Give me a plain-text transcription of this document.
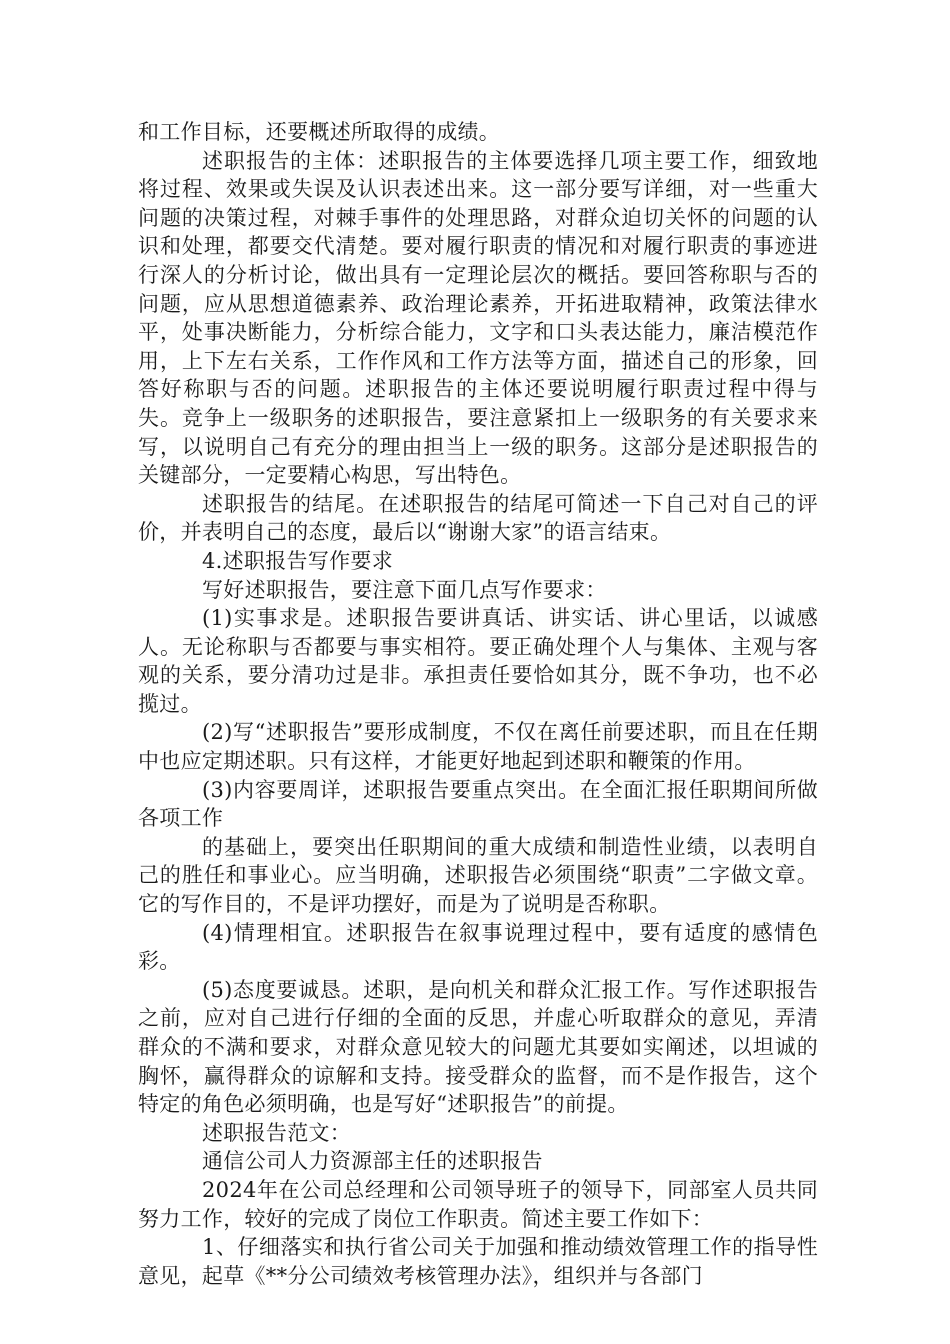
和工作目标，还要概述所取得的成绩。

述职报告的主体：述职报告的主体要选择几项主要工作，细致地将过程、效果或失误及认识表述出来。这一部分要写详细，对一些重大问题的决策过程，对棘手事件的处理思路，对群众迫切关怀的问题的认识和处理，都要交代清楚。要对履行职责的情况和对履行职责的事迹进行深人的分析讨论，做出具有一定理论层次的概括。要回答称职与否的问题，应从思想道德素养、政治理论素养，开拓进取精神，政策法律水平，处事决断能力，分析综合能力，文字和口头表达能力，廉洁模范作用，上下左右关系，工作作风和工作方法等方面，描述自己的形象，回答好称职与否的问题。述职报告的主体还要说明履行职责过程中得与失。竞争上一级职务的述职报告，要注意紧扣上一级职务的有关要求来写，以说明自己有充分的理由担当上一级的职务。这部分是述职报告的关键部分，一定要精心构思，写出特色。

述职报告的结尾。在述职报告的结尾可简述一下自己对自己的评价，并表明自己的态度，最后以“谢谢大家”的语言结束。

4.述职报告写作要求

写好述职报告，要注意下面几点写作要求：

(1)实事求是。述职报告要讲真话、讲实话、讲心里话，以诚感人。无论称职与否都要与事实相符。要正确处理个人与集体、主观与客观的关系，要分清功过是非。承担责任要恰如其分，既不争功，也不必揽过。

(2)写“述职报告”要形成制度，不仅在离任前要述职，而且在任期中也应定期述职。只有这样，才能更好地起到述职和鞭策的作用。

(3)内容要周详，述职报告要重点突出。在全面汇报任职期间所做各项工作

的基础上，要突出任职期间的重大成绩和制造性业绩，以表明自己的胜任和事业心。应当明确，述职报告必须围绕“职责”二字做文章。它的写作目的，不是评功摆好，而是为了说明是否称职。

(4)情理相宜。述职报告在叙事说理过程中，要有适度的感情色彩。

(5)态度要诚恳。述职，是向机关和群众汇报工作。写作述职报告之前，应对自己进行仔细的全面的反思，并虚心听取群众的意见，弄清群众的不满和要求，对群众意见较大的问题尤其要如实阐述，以坦诚的胸怀，赢得群众的谅解和支持。接受群众的监督，而不是作报告，这个特定的角色必须明确，也是写好“述职报告”的前提。

述职报告范文：

通信公司人力资源部主任的述职报告

2024年在公司总经理和公司领导班子的领导下，同部室人员共同努力工作，较好的完成了岗位工作职责。简述主要工作如下：

1、仔细落实和执行省公司关于加强和推动绩效管理工作的指导性意见，起草《**分公司绩效考核管理办法》，组织并与各部门
